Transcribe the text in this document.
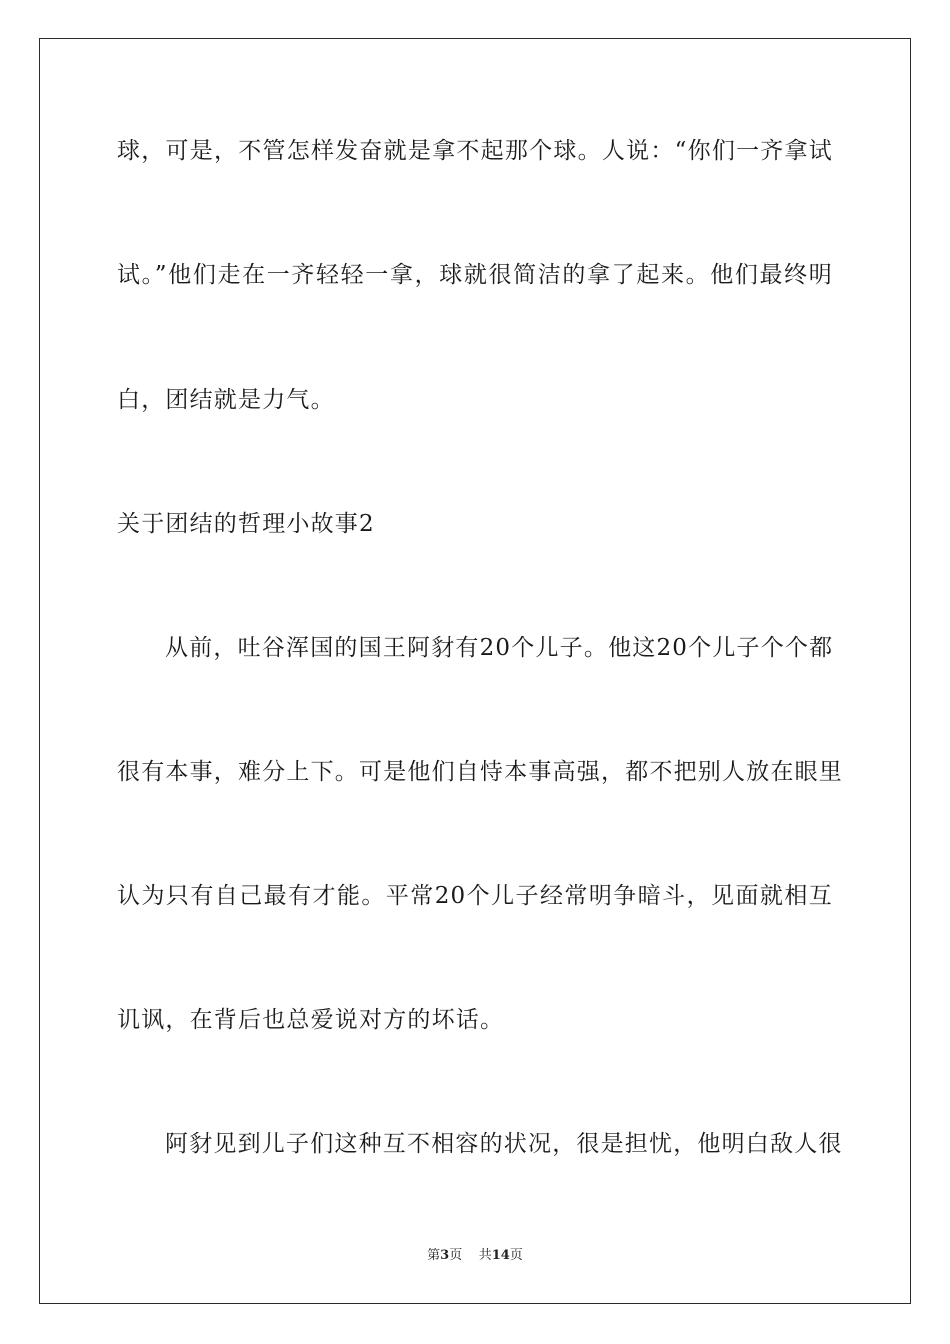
球，可是，不管怎样发奋就是拿不起那个球。人说：“你们一齐拿试
试。”他们走在一齐轻轻一拿，球就很简洁的拿了起来。他们最终明
白，团结就是力气。
关于团结的哲理小故事2
从前，吐谷浑国的国王阿豺有20个儿子。他这20个儿子个个都
很有本事，难分上下。可是他们自恃本事高强，都不把别人放在眼里
认为只有自己最有才能。平常20个儿子经常明争暗斗，见面就相互
讥讽，在背后也总爱说对方的坏话。
阿豺见到儿子们这种互不相容的状况，很是担忧，他明白敌人很
第3页 共14页
